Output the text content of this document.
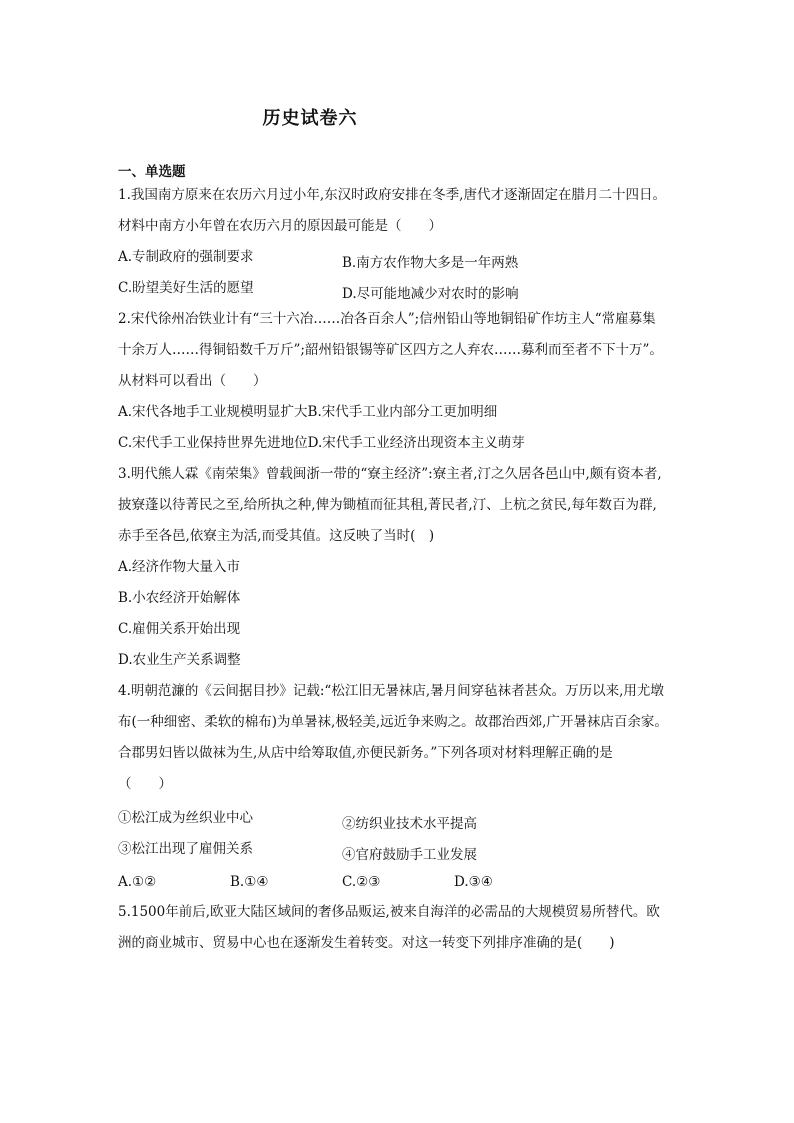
历史试卷六
一、单选题
1.我国南方原来在农历六月过小年,东汉时政府安排在冬季,唐代才逐渐固定在腊月二十四日。
材料中南方小年曾在农历六月的原因最可能是（　　）
A.专制政府的强制要求	B.南方农作物大多是一年两熟
C.盼望美好生活的愿望	D.尽可能地减少对农时的影响
2.宋代徐州冶铁业计有“三十六冶……冶各百余人”;信州铅山等地铜铅矿作坊主人“常雇募集
十余万人……得铜铅数千万斤”;韶州铅银锡等矿区四方之人弃农……募利而至者不下十万”。
从材料可以看出（　　）
A.宋代各地手工业规模明显扩大B.宋代手工业内部分工更加明细
C.宋代手工业保持世界先进地位D.宋代手工业经济出现资本主义萌芽
3.明代熊人霖《南荣集》曾载闽浙一带的“寮主经济”:寮主者,汀之久居各邑山中,颇有资本者,
披寮蓬以待菁民之至,给所执之种,俾为锄植而征其租,菁民者,汀、上杭之贫民,每年数百为群,
赤手至各邑,依寮主为活,而受其值。这反映了当时(　)
A.经济作物大量入市
B.小农经济开始解体
C.雇佣关系开始出现
D.农业生产关系调整
4.明朝范濂的《云间据目抄》记载:“松江旧无暑袜店,暑月间穿毡袜者甚众。万历以来,用尤墩
布(一种细密、柔软的棉布)为单暑袜,极轻美,远近争来购之。故郡治西郊,广开暑袜店百余家。
合郡男妇皆以做袜为生,从店中给筹取值,亦便民新务。”下列各项对材料理解正确的是
（　　）
①松江成为丝织业中心	②纺织业技术水平提高
③松江出现了雇佣关系	④官府鼓励手工业发展
A.①②	B.①④	C.②③	D.③④
5.1500年前后,欧亚大陆区域间的奢侈品贩运,被来自海洋的必需品的大规模贸易所替代。欧
洲的商业城市、贸易中心也在逐渐发生着转变。对这一转变下列排序准确的是(　　)
